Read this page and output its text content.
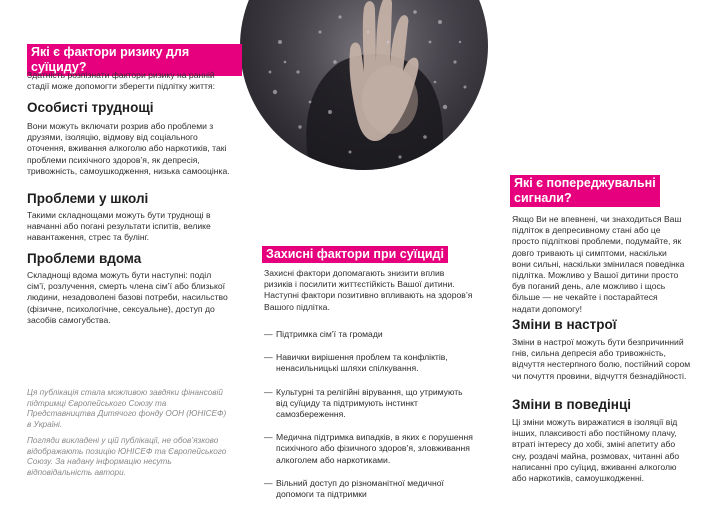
Які є фактори ризику для суїциду?
Здатність розпізнати фактори ризику на ранній стадії може допомогти зберегти підлітку життя:
Особисті труднощі
Вони можуть включати розрив або проблеми з друзями, ізоляцію, відмову від соціального оточення, вживання алкоголю або наркотиків, такі проблеми психічного здоров’я, як депресія, тривожність, самоушкодження, низька самооцінка.
Проблеми у школі
Такими складнощами можуть бути труднощі в навчанні або погані результати іспитів, велике навантаження, стрес та булінг.
Проблеми вдома
Складнощі вдома можуть бути наступні: поділ сім’ї, розлучення, смерть члена сім’ї або близької людини, незадоволені базові потреби, насильство (фізичне, психологічне, сексуальне), доступ до засобів самогубства.
Ця публікація стала можливою завдяки фінансовій підтримці Європейського Союзу та Представництва Дитячого фонду ООН (ЮНІСЕФ) в Україні.
Погляди викладені у цій публікації, не обов’язково відображають позицію ЮНІСЕФ та Європейського Союзу. За надану інформацію несуть відповідальність автори.
Захисні фактори при суїциді
Захисні фактори допомагають знизити вплив ризиків і посилити життєстійкість Вашої дитини. Наступні фактори позитивно впливають на здоров’я Вашого підлітка.
— Підтримка сім’ї та громади
— Навички вирішення проблем та конфліктів, ненасильницькі шляхи спілкування.
— Культурні та релігійні вірування, що утримують від суїциду та підтримують інстинкт самозбереження.
— Медична підтримка випадків, в яких є порушення психічного або фізичного здоров’я, зловживання алкоголем або наркотиками.
— Вільний доступ до різноманітної медичної допомоги та підтримки
Які є попереджувальні
сигнали?
Якщо Ви не впевнені, чи знаходиться Ваш підліток в депресивному стані або це просто підліткові проблеми, подумайте, як довго тривають ці симптоми, наскільки вони сильні, наскільки змінилася поведінка підлітка. Можливо у Вашої дитини просто був поганий день, але можливо і щось більше — не чекайте і постарайтеся надати допомогу!
Зміни в настрої
Зміни в настрої можуть бути безпричинний гнів, сильна депресія або тривожність, відчуття нестерпного болю, постійний сором чи почуття провини, відчуття безнадійності.
Зміни в поведінці
Ці зміни можуть виражатися в ізоляції від інших, плаксивості або постійному плачу, втраті інтересу до хобі, зміні апетиту або сну, роздачі майна, розмовах, читанні або написанні про суїцид, вживанні алкоголю або наркотиків, самоушкодженні.
